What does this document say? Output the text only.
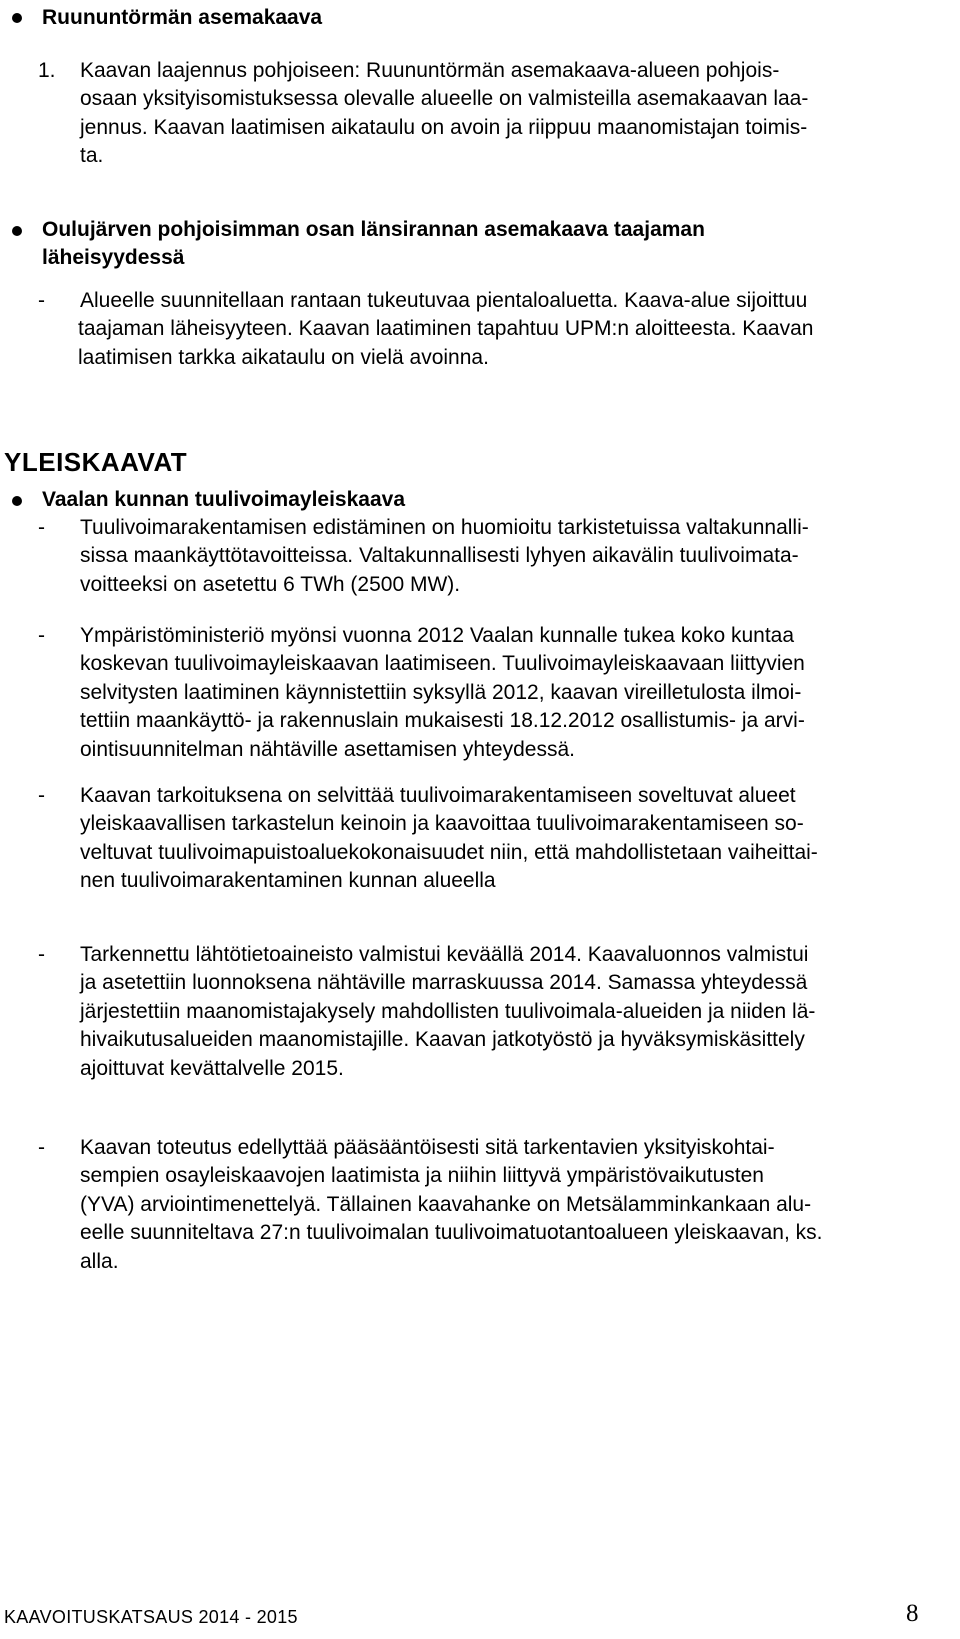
Ruununtörmän asemakaava
1. Kaavan laajennus pohjoiseen: Ruununtörmän asemakaava-alueen pohjois-
osaan yksityisomistuksessa olevalle alueelle on valmisteilla asemakaavan laa-
jennus. Kaavan laatimisen aikataulu on avoin ja riippuu maanomistajan toimis-
ta.
Oulujärven pohjoisimman osan länsirannan asemakaava taajaman
läheisyydessä
- Alueelle suunnitellaan rantaan tukeutuvaa pientaloaluetta. Kaava-alue sijoittuu
taajaman läheisyyteen. Kaavan laatiminen tapahtuu UPM:n aloitteesta. Kaavan
laatimisen tarkka aikataulu on vielä avoinna.
YLEISKAAVAT
Vaalan kunnan tuulivoimayleiskaava
- Tuulivoimarakentamisen edistäminen on huomioitu tarkistetuissa valtakunnalli-
sissa maankäyttötavoitteissa. Valtakunnallisesti lyhyen aikavälin tuulivoimata-
voitteeksi on asetettu 6 TWh (2500 MW).
- Ympäristöministeriö myönsi vuonna 2012 Vaalan kunnalle tukea koko kuntaa
koskevan tuulivoimayleiskaavan laatimiseen. Tuulivoimayleiskaavaan liittyvien
selvitysten laatiminen käynnistettiin syksyllä 2012, kaavan vireilletulosta ilmoi-
tettiin maankäyttö- ja rakennuslain mukaisesti 18.12.2012 osallistumis- ja arvi-
ointisuunnitelman nähtäville asettamisen yhteydessä.
- Kaavan tarkoituksena on selvittää tuulivoimarakentamiseen soveltuvat alueet
yleiskaavallisen tarkastelun keinoin ja kaavoittaa tuulivoimarakentamiseen so-
veltuvat tuulivoimapuistoaluekokonaisuudet niin, että mahdollistetaan vaiheittai-
nen tuulivoimarakentaminen kunnan alueella
- Tarkennettu lähtötietoaineisto valmistui keväällä 2014. Kaavaluonnos valmistui
ja asetettiin luonnoksena nähtäville marraskuussa 2014. Samassa yhteydessä
järjestettiin maanomistajakysely mahdollisten tuulivoimala-alueiden ja niiden lä-
hivaikutusalueiden maanomistajille. Kaavan jatkotyöstö ja hyväksymiskäsittely
ajoittuvat kevättalvelle 2015.
- Kaavan toteutus edellyttää pääsääntöisesti sitä tarkentavien yksityiskohtai-
sempien osayleiskaavojen laatimista ja niihin liittyvä ympäristövaikutusten
(YVA) arviointimenettelyä. Tällainen kaavahanke on Metsälamminkankaan alu-
eelle suunniteltava 27:n tuulivoimalan tuulivoimatuotantoalueen yleiskaavan, ks.
alla.
KAAVOITUSKATSAUS 2014 - 2015	8
